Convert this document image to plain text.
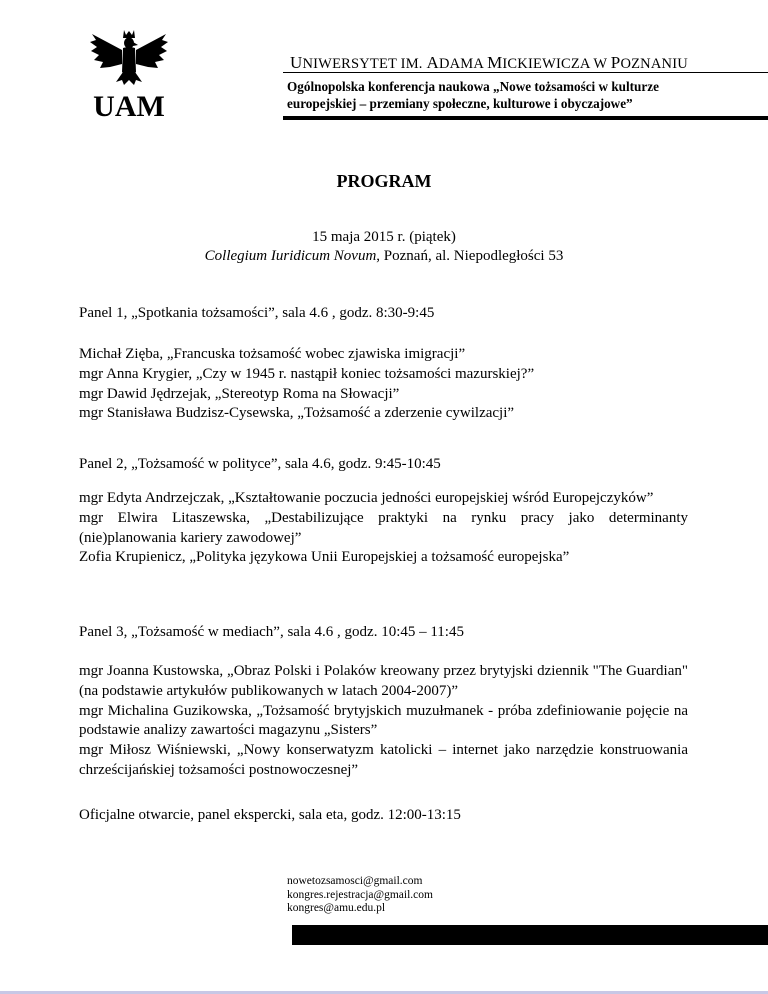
UAM
UNIWERSYTET IM. ADAMA MICKIEWICZA W POZNANIU
Ogólnopolska konferencja naukowa „Nowe tożsamości w kulturze
europejskiej – przemiany społeczne, kulturowe i obyczajowe”
PROGRAM
15 maja 2015 r. (piątek)
Collegium Iuridicum Novum, Poznań, al. Niepodległości 53
Panel 1, „Spotkania tożsamości”, sala 4.6 , godz. 8:30-9:45

Michał Zięba, „Francuska tożsamość wobec zjawiska imigracji”

mgr Anna Krygier, „Czy w 1945 r. nastąpił koniec tożsamości mazurskiej?”

mgr Dawid Jędrzejak, „Stereotyp Roma na Słowacji”

mgr Stanisława Budzisz-Cysewska, „Tożsamość a zderzenie cywilzacji”

Panel 2, „Tożsamość w polityce”, sala 4.6, godz. 9:45-10:45

mgr Edyta Andrzejczak, „Kształtowanie poczucia jedności europejskiej wśród Europejczyków”

mgr Elwira Litaszewska, „Destabilizujące praktyki na rynku pracy jako determinanty (nie)planowania kariery zawodowej”

Zofia Krupienicz, „Polityka językowa Unii Europejskiej a tożsamość europejska”

Panel 3, „Tożsamość w mediach”, sala 4.6 , godz. 10:45 – 11:45

mgr Joanna Kustowska, „Obraz Polski i Polaków kreowany przez brytyjski dziennik "The Guardian" (na podstawie artykułów publikowanych w latach 2004-2007)”

mgr Michalina Guzikowska, „Tożsamość brytyjskich muzułmanek - próba zdefiniowanie pojęcie na podstawie analizy zawartości magazynu „Sisters”

mgr Miłosz Wiśniewski, „Nowy konserwatyzm katolicki – internet jako narzędzie konstruowania chrześcijańskiej tożsamości postnowoczesnej”

Oficjalne otwarcie, panel ekspercki, sala eta, godz. 12:00-13:15
nowetozsamosci@gmail.com
kongres.rejestracja@gmail.com
kongres@amu.edu.pl
